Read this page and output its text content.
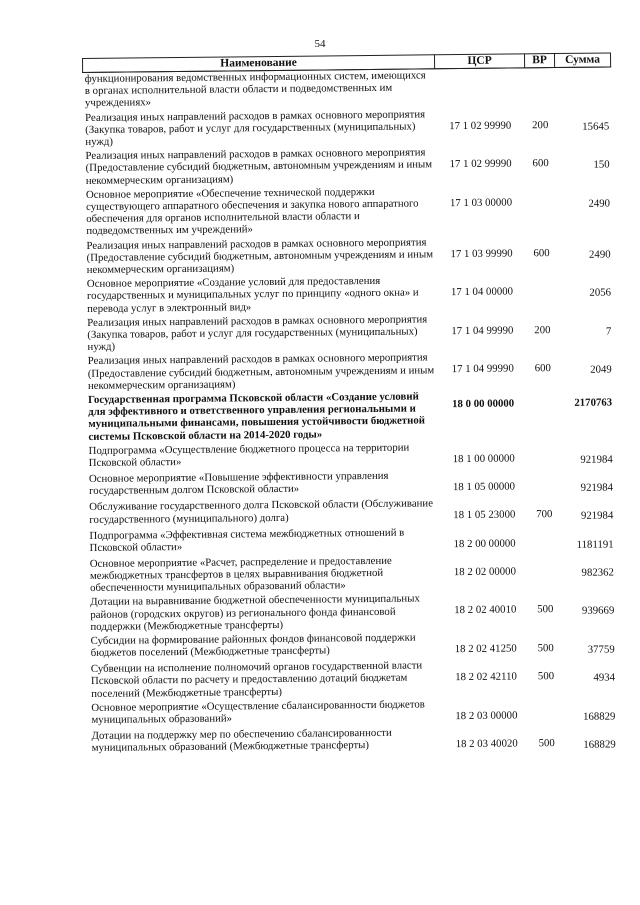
54
Наименование	ЦСР	ВР	Сумма
функционирования ведомственных информационных систем, имеющихся в органах исполнительной власти области и подведомственных им учреждениях»			
Реализация иных направлений расходов в рамках основного мероприятия (Закупка товаров, работ и услуг для государственных (муниципальных) нужд)	17 1 02 99990	200	15645
Реализация иных направлений расходов в рамках основного мероприятия (Предоставление субсидий бюджетным, автономным учреждениям и иным некоммерческим организациям)	17 1 02 99990	600	150
Основное мероприятие «Обеспечение технической поддержки существующего аппаратного обеспечения и закупка нового аппаратного обеспечения для органов исполнительной власти области и подведомственных им учреждений»	17 1 03 00000		2490
Реализация иных направлений расходов в рамках основного мероприятия (Предоставление субсидий бюджетным, автономным учреждениям и иным некоммерческим организациям)	17 1 03 99990	600	2490
Основное мероприятие «Создание условий для предоставления государственных и муниципальных услуг по принципу «одного окна» и перевода услуг в электронный вид»	17 1 04 00000		2056
Реализация иных направлений расходов в рамках основного мероприятия (Закупка товаров, работ и услуг для государственных (муниципальных) нужд)	17 1 04 99990	200	7
Реализация иных направлений расходов в рамках основного мероприятия (Предоставление субсидий бюджетным, автономным учреждениям и иным некоммерческим организациям)	17 1 04 99990	600	2049
Государственная программа Псковской области «Создание условий для эффективного и ответственного управления региональными и муниципальными финансами, повышения устойчивости бюджетной системы Псковской области на 2014-2020 годы»	18 0 00 00000		2170763
Подпрограмма «Осуществление бюджетного процесса на территории Псковской области»	18 1 00 00000		921984
Основное мероприятие «Повышение эффективности управления государственным долгом Псковской области»	18 1 05 00000		921984
Обслуживание государственного долга Псковской области (Обслуживание государственного (муниципального) долга)	18 1 05 23000	700	921984
Подпрограмма «Эффективная система межбюджетных отношений в Псковской области»	18 2 00 00000		1181191
Основное мероприятие «Расчет, распределение и предоставление межбюджетных трансфертов в целях выравнивания бюджетной обеспеченности муниципальных образований области»	18 2 02 00000		982362
Дотации на выравнивание бюджетной обеспеченности муниципальных районов (городских округов) из регионального фонда финансовой поддержки (Межбюджетные трансферты)	18 2 02 40010	500	939669
Субсидии на формирование районных фондов финансовой поддержки бюджетов поселений (Межбюджетные трансферты)	18 2 02 41250	500	37759
Субвенции на исполнение полномочий органов государственной власти Псковской области по расчету и предоставлению дотаций бюджетам поселений (Межбюджетные трансферты)	18 2 02 42110	500	4934
Основное мероприятие «Осуществление сбалансированности бюджетов муниципальных образований»	18 2 03 00000		168829
Дотации на поддержку мер по обеспечению сбалансированности муниципальных образований (Межбюджетные трансферты)	18 2 03 40020	500	168829
